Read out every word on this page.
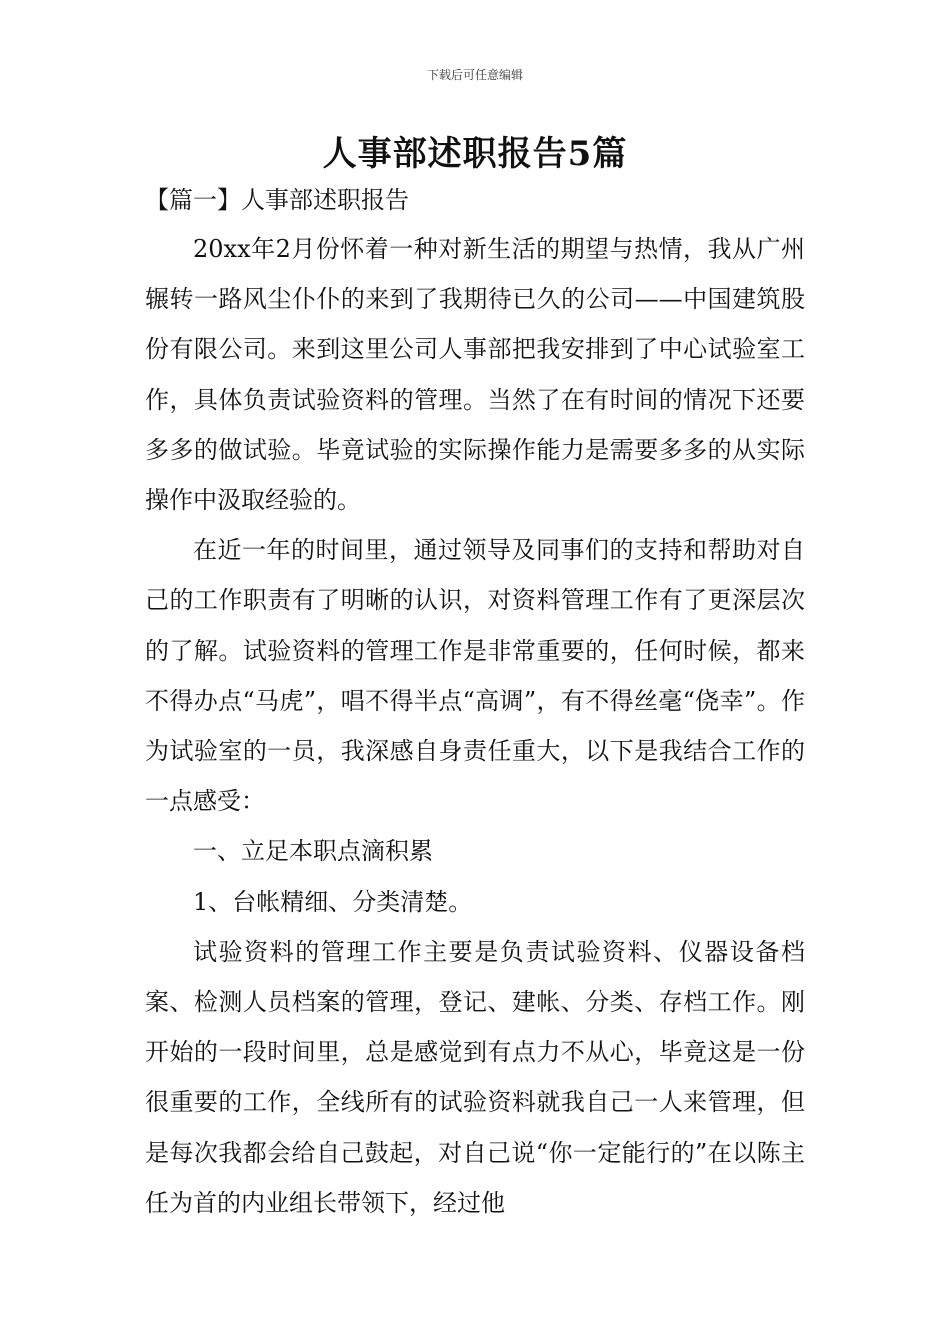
下载后可任意编辑
人事部述职报告5篇
【篇一】人事部述职报告

20xx年2月份怀着一种对新生活的期望与热情，我从广州辗转一路风尘仆仆的来到了我期待已久的公司——中国建筑股份有限公司。来到这里公司人事部把我安排到了中心试验室工作，具体负责试验资料的管理。当然了在有时间的情况下还要多多的做试验。毕竟试验的实际操作能力是需要多多的从实际操作中汲取经验的。

在近一年的时间里，通过领导及同事们的支持和帮助对自己的工作职责有了明晰的认识，对资料管理工作有了更深层次的了解。试验资料的管理工作是非常重要的，任何时候，都来不得办点“马虎”，唱不得半点“高调”，有不得丝毫“侥幸”。作为试验室的一员，我深感自身责任重大，以下是我结合工作的一点感受：

一、立足本职点滴积累

1、台帐精细、分类清楚。

试验资料的管理工作主要是负责试验资料、仪器设备档案、检测人员档案的管理，登记、建帐、分类、存档工作。刚开始的一段时间里，总是感觉到有点力不从心，毕竟这是一份很重要的工作，全线所有的试验资料就我自己一人来管理，但是每次我都会给自己鼓起，对自己说“你一定能行的”在以陈主任为首的内业组长带领下，经过他
